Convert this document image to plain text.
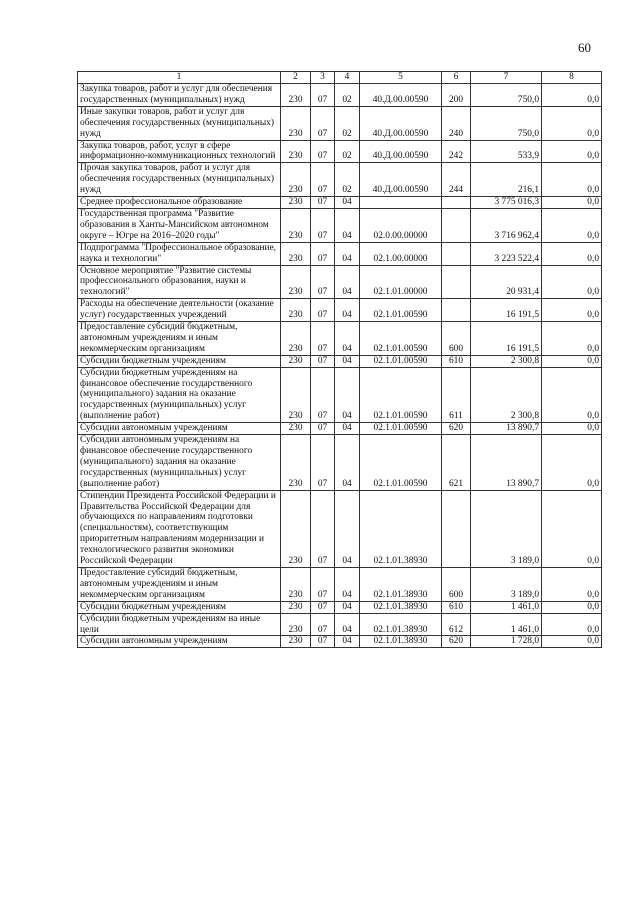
60
1	2	3	4	5	6	7	8
Закупка товаров, работ и услуг для обеспечения государственных (муниципальных) нужд	230	07	02	40.Д.00.00590	200	750,0	0,0
Иные закупки товаров, работ и услуг для обеспечения государственных (муниципальных) нужд	230	07	02	40.Д.00.00590	240	750,0	0,0
Закупка товаров, работ, услуг в сфере информационно-коммуникационных технологий	230	07	02	40.Д.00.00590	242	533,9	0,0
Прочая закупка товаров, работ и услуг для обеспечения государственных (муниципальных) нужд	230	07	02	40.Д.00.00590	244	216,1	0,0
Среднее профессиональное образование	230	07	04			3 775 016,3	0,0
Государственная программа "Развитие образования в Ханты-Мансийском автономном округе – Югре на 2016–2020 годы"	230	07	04	02.0.00.00000		3 716 962,4	0,0
Подпрограмма "Профессиональное образование, наука и технологии"	230	07	04	02.1.00.00000		3 223 522,4	0,0
Основное мероприятие "Развитие системы профессионального образования, науки и технологий"	230	07	04	02.1.01.00000		20 931,4	0,0
Расходы на обеспечение деятельности (оказание услуг) государственных учреждений	230	07	04	02.1.01.00590		16 191,5	0,0
Предоставление субсидий бюджетным, автономным учреждениям и иным некоммерческим организациям	230	07	04	02.1.01.00590	600	16 191,5	0,0
Субсидии бюджетным учреждениям	230	07	04	02.1.01.00590	610	2 300,8	0,0
Субсидии бюджетным учреждениям на финансовое обеспечение государственного (муниципального) задания на оказание государственных (муниципальных) услуг (выполнение работ)	230	07	04	02.1.01.00590	611	2 300,8	0,0
Субсидии автономным учреждениям	230	07	04	02.1.01.00590	620	13 890,7	0,0
Субсидии автономным учреждениям на финансовое обеспечение государственного (муниципального) задания на оказание государственных (муниципальных) услуг (выполнение работ)	230	07	04	02.1.01.00590	621	13 890,7	0,0
Стипендии Президента Российской Федерации и Правительства Российской Федерации для обучающихся по направлениям подготовки (специальностям), соответствующим приоритетным направлениям модернизации и технологического развития экономики Российской Федерации	230	07	04	02.1.01.38930		3 189,0	0,0
Предоставление субсидий бюджетным, автономным учреждениям и иным некоммерческим организациям	230	07	04	02.1.01.38930	600	3 189,0	0,0
Субсидии бюджетным учреждениям	230	07	04	02.1.01.38930	610	1 461,0	0,0
Субсидии бюджетным учреждениям на иные цели	230	07	04	02.1.01.38930	612	1 461,0	0,0
Субсидии автономным учреждениям	230	07	04	02.1.01.38930	620	1 728,0	0,0
